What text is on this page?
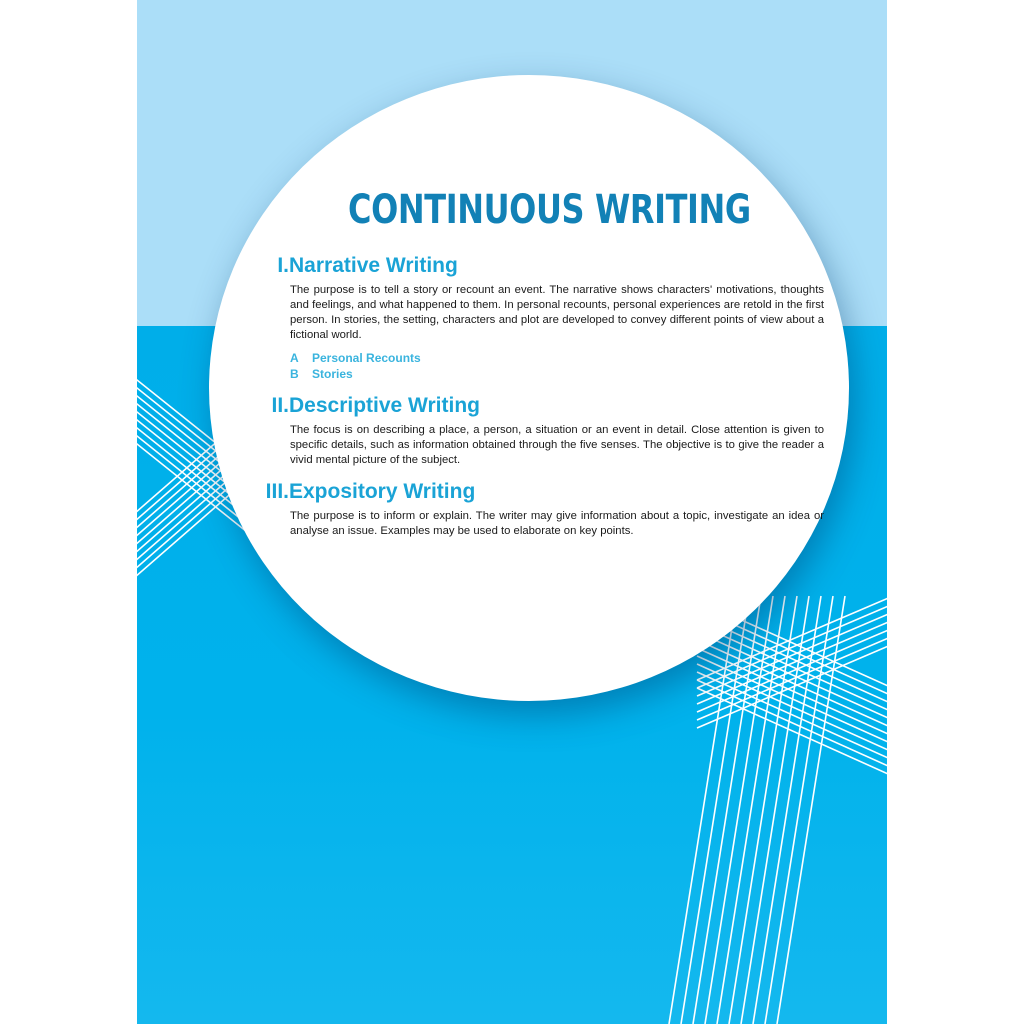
CONTINUOUS WRITING
I. Narrative Writing

The purpose is to tell a story or recount an event. The narrative shows characters' motivations, thoughts and feelings, and what happened to them. In personal recounts, personal experiences are retold in the first person. In stories, the setting, characters and plot are developed to convey different points of view about a fictional world.

A Personal Recounts
B Stories
II. Descriptive Writing

The focus is on describing a place, a person, a situation or an event in detail. Close attention is given to specific details, such as information obtained through the five senses. The objective is to give the reader a vivid mental picture of the subject.

III. Expository Writing

The purpose is to inform or explain. The writer may give information about a topic, investigate an idea or analyse an issue. Examples may be used to elaborate on key points.
